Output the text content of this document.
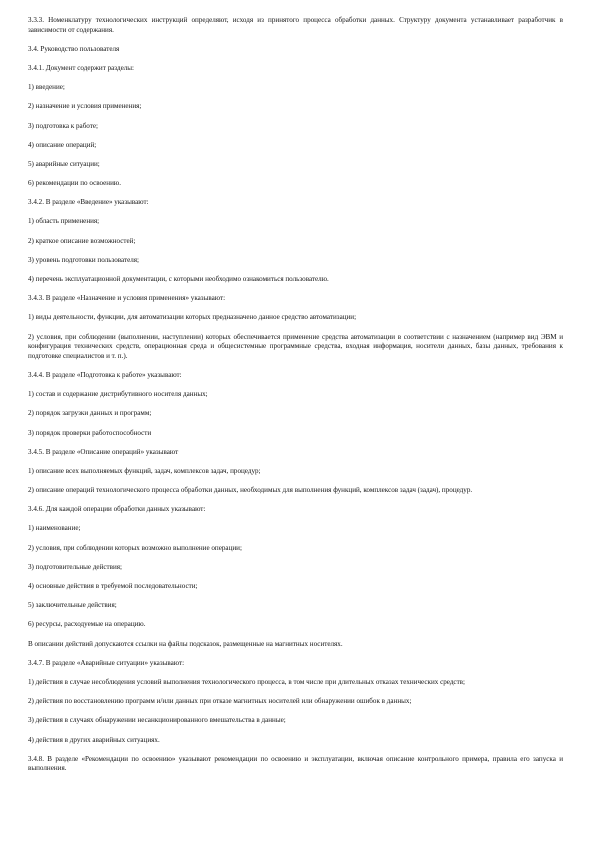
3.3.3. Номенклатуру технологических инструкций определяют, исходя из принятого процесса обработки данных. Структуру документа устанавливает разработчик в зависимости от содержания.

3.4. Руководство пользователя

3.4.1. Документ содержит разделы:

1) введение;

2) назначение и условия применения;

3) подготовка к работе;

4) описание операций;

5) аварийные ситуации;

6) рекомендации по освоению.

3.4.2. В разделе «Введение» указывают:

1) область применения;

2) краткое описание возможностей;

3) уровень подготовки пользователя;

4) перечень эксплуатационной документации, с которыми необходимо ознакомиться пользователю.

3.4.3. В разделе «Назначение и условия применения» указывают:

1) виды деятельности, функции, для автоматизации которых предназначено данное средство автоматизации;

2) условия, при соблюдении (выполнении, наступлении) которых обеспечивается применение средства автоматизации в соответствии с назначением (например вид ЭВМ и конфигурация технических средств, операционная среда и общесистемные программные средства, входная информация, носители данных, базы данных, требования к подготовке специалистов и т. п.).

3.4.4. В разделе «Подготовка к работе» указывают:

1) состав и содержание дистрибутивного носителя данных;

2) порядок загрузки данных и программ;

3) порядок проверки работоспособности

3.4.5. В разделе «Описание операций» указывают

1) описание всех выполняемых функций, задач, комплексов задач, процедур;

2) описание операций технологического процесса обработки данных, необходимых для выполнения функций, комплексов задач (задач), процедур.

3.4.6. Для каждой операции обработки данных указывают:

1) наименование;

2) условия, при соблюдении которых возможно выполнение операции;

3) подготовительные действия;

4) основные действия в требуемой последовательности;

5) заключительные действия;

6) ресурсы, расходуемые на операцию.

В описании действий допускаются ссылки на файлы подсказок, размещенные на магнитных носителях.

3.4.7. В разделе «Аварийные ситуации» указывают:

1) действия в случае несоблюдения условий выполнения технологического процесса, в том числе при длительных отказах технических средств;

2) действия по восстановлению программ и/или данных при отказе магнитных носителей или обнаружении ошибок в данных;

3) действия в случаях обнаружении несанкционированного вмешательства в данные;

4) действия в других аварийных ситуациях.

3.4.8. В разделе «Рекомендации по освоению» указывают рекомендации по освоению и эксплуатации, включая описание контрольного примера, правила его запуска и выполнения.
